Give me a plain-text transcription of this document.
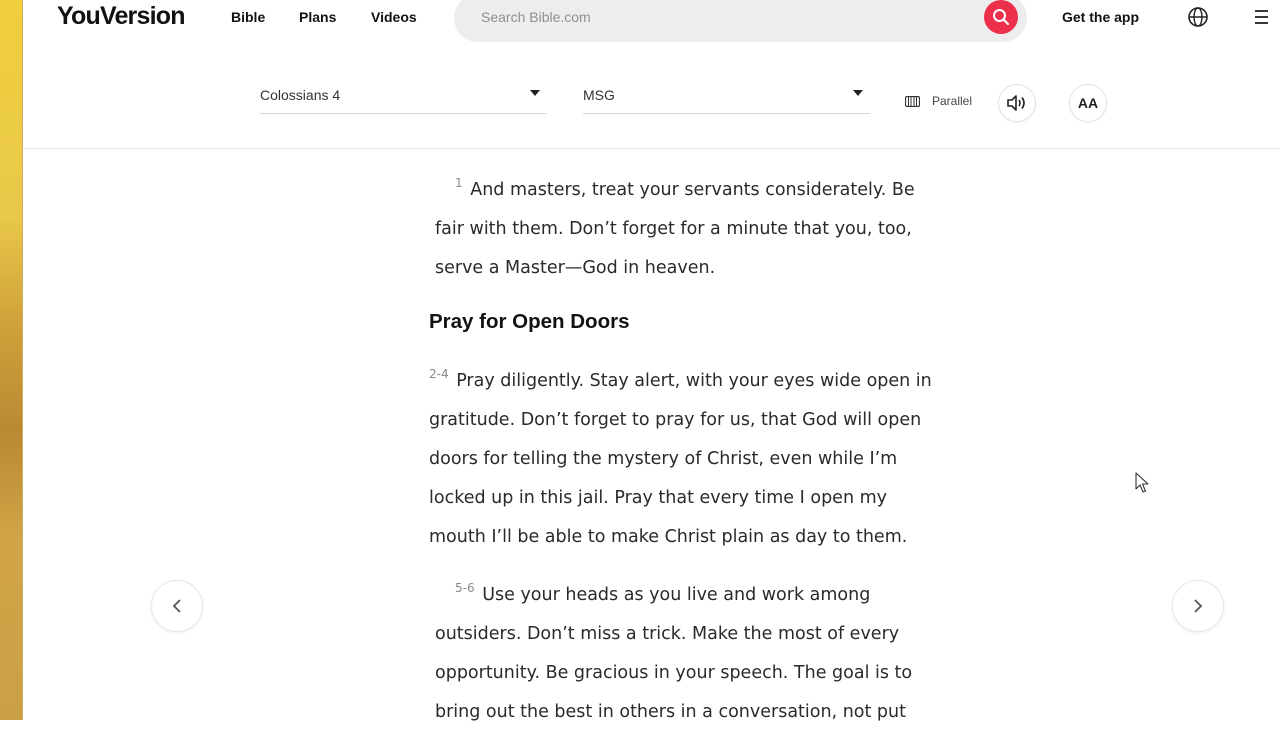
YouVersion	Bible Plans Videos
Search Bible.com	Get the app
Colossians 4	MSG	Parallel	AA

$^1$ And masters, treat your servants considerately. Be fair with them. Don’t forget for a minute that you, too, serve a Master—God in heaven.

Pray for Open Doors

$^{2-4}$ Pray diligently. Stay alert, with your eyes wide open in gratitude. Don’t forget to pray for us, that God will open doors for telling the mystery of Christ, even while I’m locked up in this jail. Pray that every time I open my mouth I’ll be able to make Christ plain as day to them.

$^{5-6}$ Use your heads as you live and work among outsiders. Don’t miss a trick. Make the most of every opportunity. Be gracious in your speech. The goal is to bring out the best in others in a conversation, not put
